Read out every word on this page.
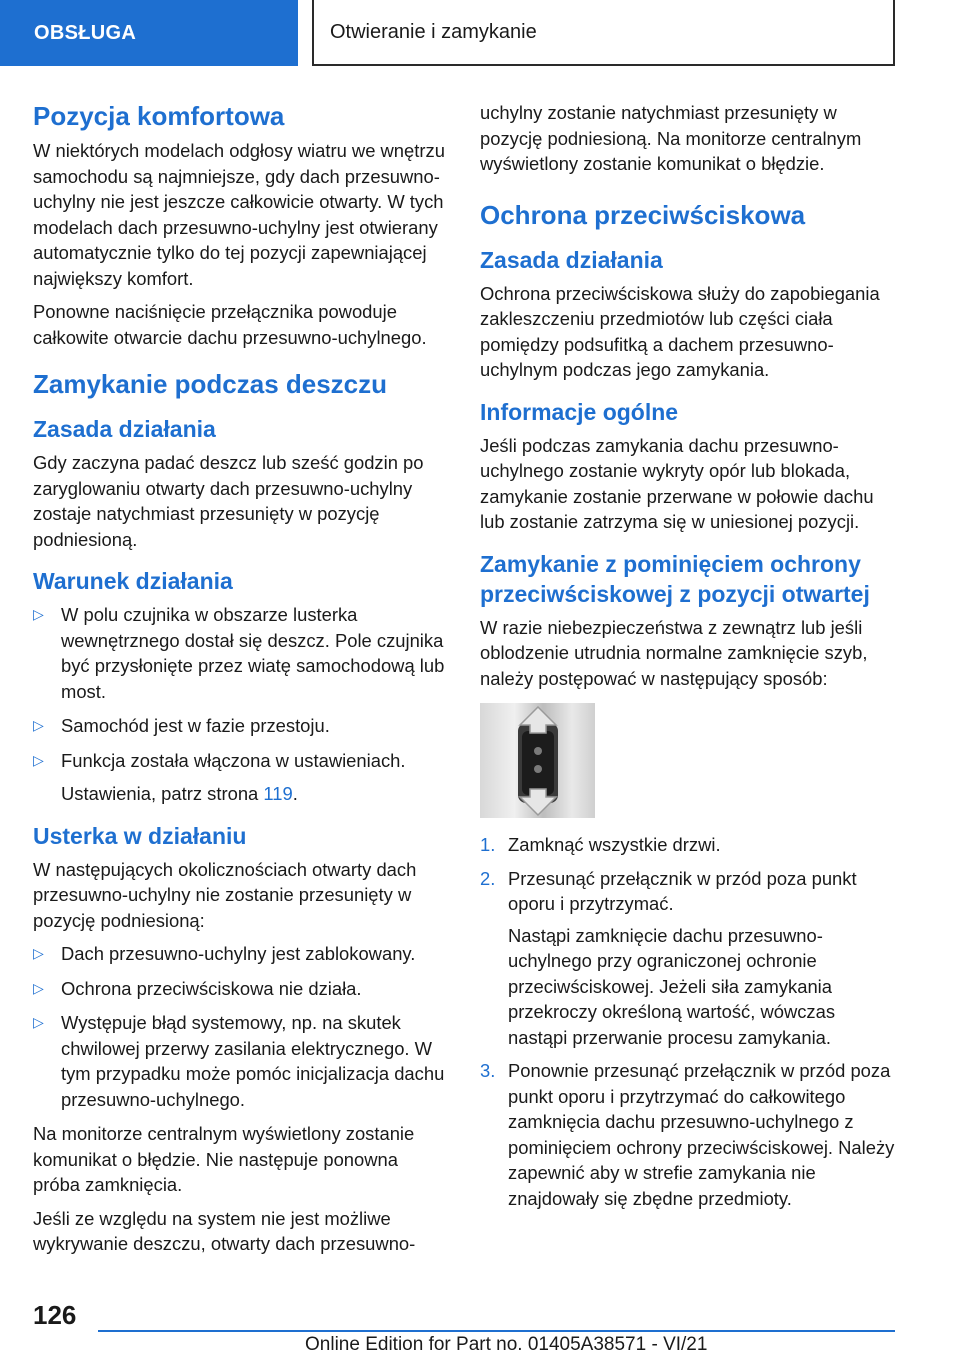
OBSŁUGA	Otwieranie i zamykanie
Pozycja komfortowa

W niektórych modelach odgłosy wiatru we wnętrzu samochodu są najmniejsze, gdy dach przesuwno-uchylny nie jest jeszcze całkowicie otwarty. W tych modelach dach przesuwno-uchylny jest otwierany automatycznie tylko do tej pozycji zapewniającej największy komfort.

Ponowne naciśnięcie przełącznika powoduje całkowite otwarcie dachu przesuwno-uchylnego.

Zamykanie podczas deszczu
Zasada działania

Gdy zaczyna padać deszcz lub sześć godzin po zaryglowaniu otwarty dach przesuwno-uchylny zostaje natychmiast przesunięty w pozycję podniesioną.

Warunek działania
▷ W polu czujnika w obszarze lusterka wewnętrznego dostał się deszcz. Pole czujnika być przysłonięte przez wiatę samochodową lub most.
▷ Samochód jest w fazie przestoju.
▷ Funkcja została włączona w ustawieniach.
Ustawienia, patrz strona 119.
Usterka w działaniu

W następujących okolicznościach otwarty dach przesuwno-uchylny nie zostanie przesunięty w pozycję podniesioną:

▷ Dach przesuwno-uchylny jest zablokowany.
▷ Ochrona przeciwściskowa nie działa.
▷ Występuje błąd systemowy, np. na skutek chwilowej przerwy zasilania elektrycznego. W tym przypadku może pomóc inicjalizacja dachu przesuwno-uchylnego.

Na monitorze centralnym wyświetlony zostanie komunikat o błędzie. Nie następuje ponowna próba zamknięcia.

Jeśli ze względu na system nie jest możliwe wykrywanie deszczu, otwarty dach przesuwno-

uchylny zostanie natychmiast przesunięty w pozycję podniesioną. Na monitorze centralnym wyświetlony zostanie komunikat o błędzie.

Ochrona przeciwściskowa
Zasada działania

Ochrona przeciwściskowa służy do zapobiegania zakleszczeniu przedmiotów lub części ciała pomiędzy podsufitką a dachem przesuwno-uchylnym podczas jego zamykania.

Informacje ogólne

Jeśli podczas zamykania dachu przesuwno-uchylnego zostanie wykryty opór lub blokada, zamykanie zostanie przerwane w połowie dachu lub zostanie zatrzyma się w uniesionej pozycji.

Zamykanie z pominięciem ochrony przeciwściskowej z pozycji otwartej

W razie niebezpieczeństwa z zewnątrz lub jeśli oblodzenie utrudnia normalne zamknięcie szyb, należy postępować w następujący sposób:

1. Zamknąć wszystkie drzwi.
2. Przesunąć przełącznik w przód poza punkt oporu i przytrzymać.

Nastąpi zamknięcie dachu przesuwno-uchylnego przy ograniczonej ochronie przeciwściskowej. Jeżeli siła zamykania przekroczy określoną wartość, wówczas nastąpi przerwanie procesu zamykania.

3. Ponownie przesunąć przełącznik w przód poza punkt oporu i przytrzymać do całkowitego zamknięcia dachu przesuwno-uchylnego z pominięciem ochrony przeciwściskowej. Należy zapewnić aby w strefie zamykania nie znajdowały się zbędne przedmioty.
126
Online Edition for Part no. 01405A38571 - VI/21
